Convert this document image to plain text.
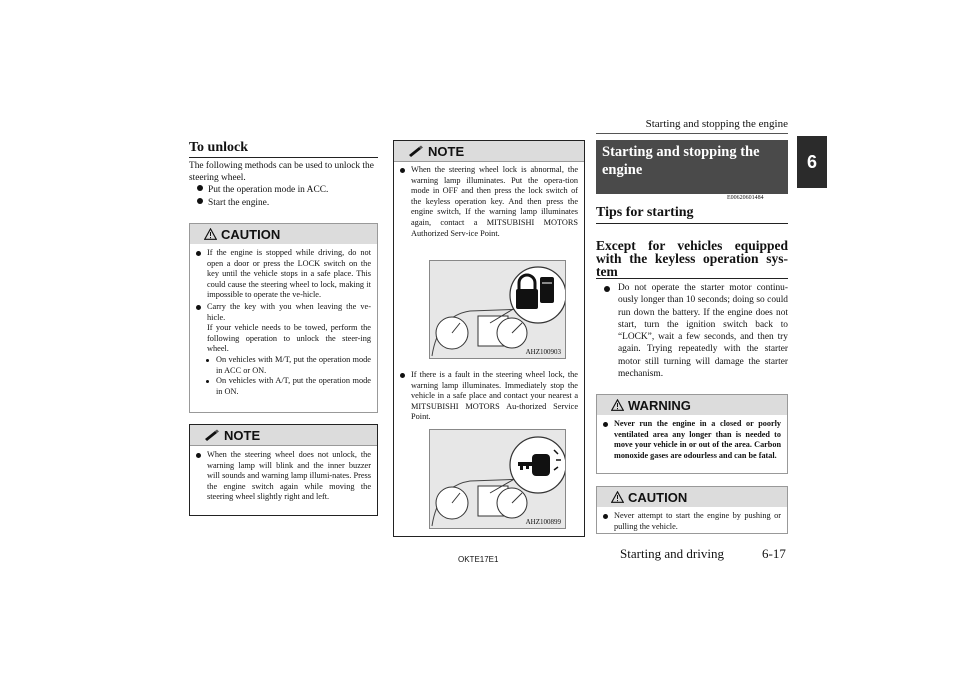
Starting and stopping the engine
6
To unlock
The following methods can be used to unlock the steering wheel.
Put the operation mode in ACC.
Start the engine.
CAUTION
If the engine is stopped while driving, do not open a door or press the LOCK switch on the key until the vehicle stops in a safe place. This could cause the steering wheel to lock, making it impossible to operate the ve-hicle.
Carry the key with you when leaving the ve-hicle.
If your vehicle needs to be towed, perform the following operation to unlock the steer-ing wheel.
On vehicles with M/T, put the operation mode in ACC or ON.
On vehicles with A/T, put the operation mode in ON.
NOTE
When the steering wheel does not unlock, the warning lamp will blink and the inner buzzer will sounds and warning lamp illumi-nates. Press the engine switch again while moving the steering wheel slightly right and left.
NOTE
When the steering wheel lock is abnormal, the warning lamp illuminates. Put the opera-tion mode in OFF and then press the lock switch of the keyless operation key. And then press the engine switch, If the warning lamp illuminates again, contact a MITSUBISHI MOTORS Authorized Serv-ice Point.
AHZ100903
If there is a fault in the steering wheel lock, the warning lamp illuminates. Immediately stop the vehicle in a safe place and contact your nearest a MITSUBISHI MOTORS Au-thorized Service Point.
AHZ100899
Starting and stopping the engine
E00620601484
Tips for starting
Except for vehicles equipped with the keyless operation sys-tem
Do not operate the starter motor continu-ously longer than 10 seconds; doing so could run down the battery. If the engine does not start, turn the ignition switch back to “LOCK”, wait a few seconds, and then try again. Trying repeatedly with the starter motor still turning will damage the starter mechanism.
WARNING
Never run the engine in a closed or poorly ventilated area any longer than is needed to move your vehicle in or out of the area. Carbon monoxide gases are odourless and can be fatal.
CAUTION
Never attempt to start the engine by pushing or pulling the vehicle.
OKTE17E1	Starting and driving	6-17
